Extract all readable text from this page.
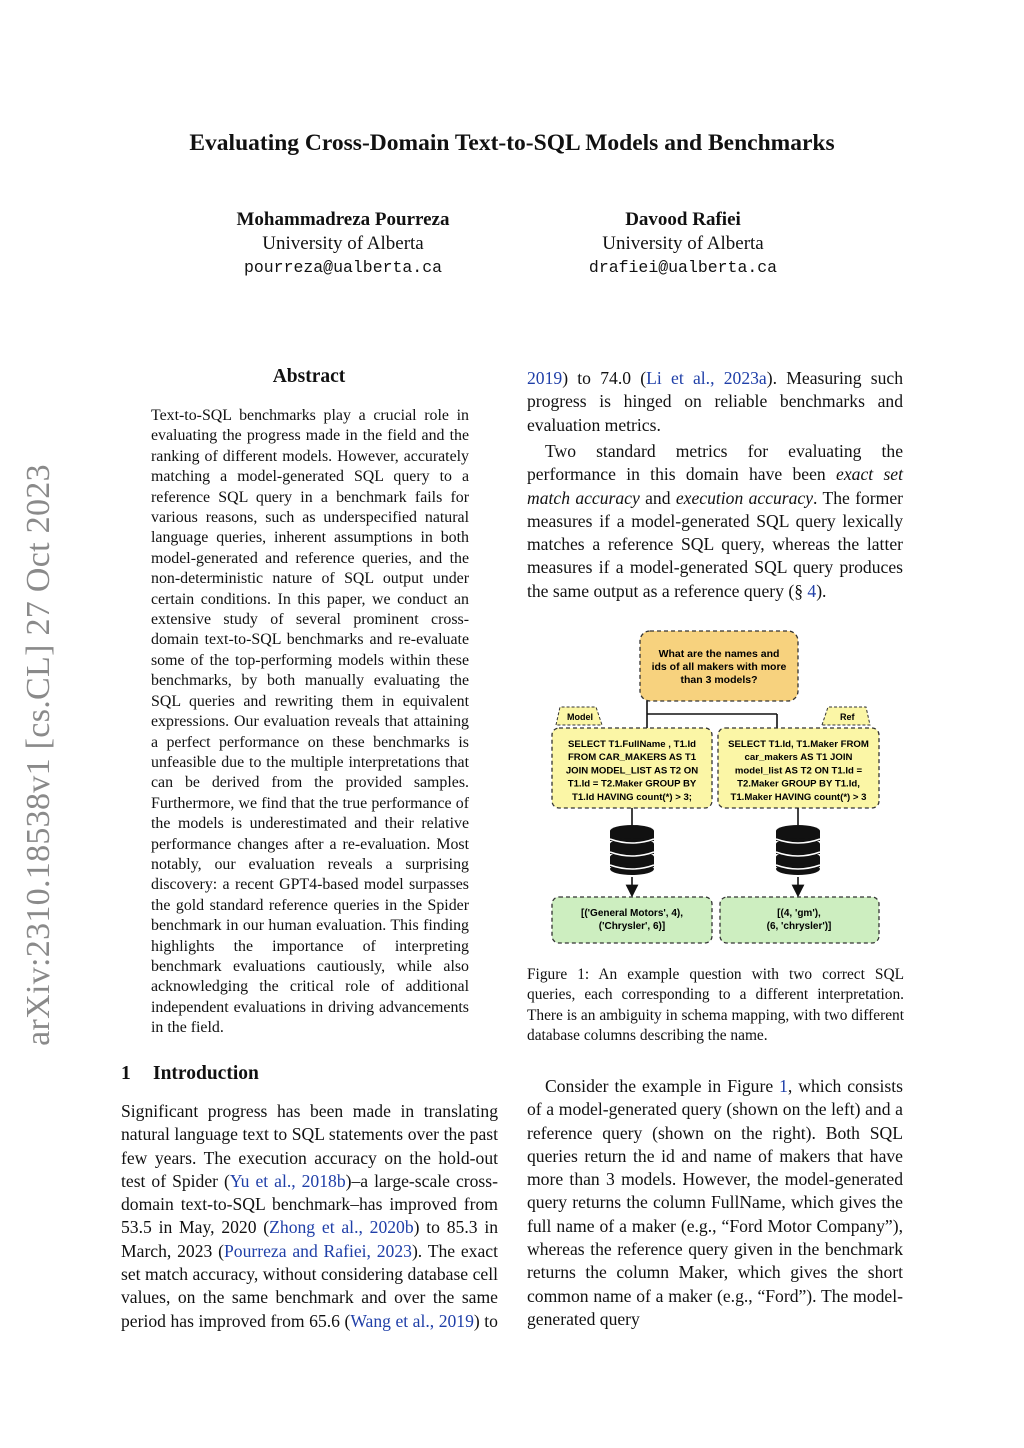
Evaluating Cross-Domain Text-to-SQL Models and Benchmarks
Mohammadreza Pourreza
University of Alberta
pourreza@ualberta.ca
Davood Rafiei
University of Alberta
drafiei@ualberta.ca
arXiv:2310.18538v1 [cs.CL] 27 Oct 2023
Abstract
Text-to-SQL benchmarks play a crucial role in evaluating the progress made in the field and the ranking of different models. However, accurately matching a model-generated SQL query to a reference SQL query in a benchmark fails for various reasons, such as underspecified natural language queries, inherent assumptions in both model-generated and reference queries, and the non-deterministic nature of SQL output under certain conditions. In this paper, we conduct an extensive study of several prominent cross-domain text-to-SQL benchmarks and re-evaluate some of the top-performing models within these benchmarks, by both manually evaluating the SQL queries and rewriting them in equivalent expressions. Our evaluation reveals that attaining a perfect performance on these benchmarks is unfeasible due to the multiple interpretations that can be derived from the provided samples. Furthermore, we find that the true performance of the models is underestimated and their relative performance changes after a re-evaluation. Most notably, our evaluation reveals a surprising discovery: a recent GPT4-based model surpasses the gold standard reference queries in the Spider benchmark in our human evaluation. This finding highlights the importance of interpreting benchmark evaluations cautiously, while also acknowledging the critical role of additional independent evaluations in driving advancements in the field.
1 Introduction

Significant progress has been made in translating natural language text to SQL statements over the past few years. The execution accuracy on the hold-out test of Spider (Yu et al., 2018b)–a large-scale cross-domain text-to-SQL benchmark–has improved from 53.5 in May, 2020 (Zhong et al., 2020b) to 85.3 in March, 2023 (Pourreza and Rafiei, 2023). The exact set match accuracy, without considering database cell values, on the same benchmark and over the same period has improved from 65.6 (Wang et al., 2019) to

2019) to 74.0 (Li et al., 2023a). Measuring such progress is hinged on reliable benchmarks and evaluation metrics.

Two standard metrics for evaluating the performance in this domain have been exact set match accuracy and execution accuracy. The former measures if a model-generated SQL query lexically matches a reference SQL query, whereas the latter measures if a model-generated SQL query produces the same output as a reference query (§ 4).

What are the names and
ids of all makers with more
than 3 models?
Model	Ref
SELECT T1.FullName , T1.Id
FROM CAR_MAKERS AS T1
JOIN MODEL_LIST AS T2 ON
T1.Id = T2.Maker GROUP BY
T1.Id HAVING count(*) > 3;
SELECT T1.Id, T1.Maker FROM
car_makers AS T1 JOIN
model_list AS T2 ON T1.Id =
T2.Maker GROUP BY T1.Id,
T1.Maker HAVING count(*) > 3
[('General Motors', 4),
('Chrysler', 6)]
[(4, 'gm'),
(6, 'chrysler')]
Figure 1: An example question with two correct SQL queries, each corresponding to a different interpretation. There is an ambiguity in schema mapping, with two different database columns describing the name.

Consider the example in Figure 1, which consists of a model-generated query (shown on the left) and a reference query (shown on the right). Both SQL queries return the id and name of makers that have more than 3 models. However, the model-generated query returns the column FullName, which gives the full name of a maker (e.g., “Ford Motor Company”), whereas the reference query given in the benchmark returns the column Maker, which gives the short common name of a maker (e.g., “Ford”). The model-generated query
